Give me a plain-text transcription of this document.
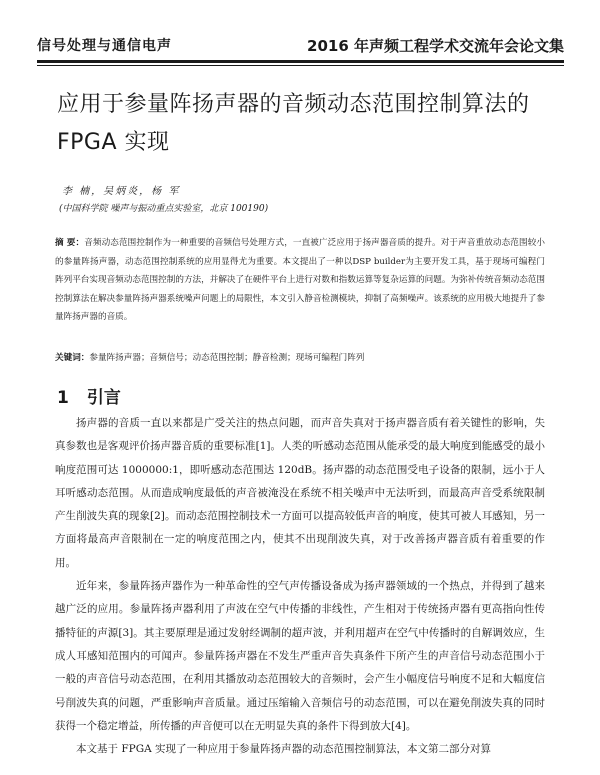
信号处理与通信电声	2016 年声频工程学术交流年会论文集
应用于参量阵扬声器的音频动态范围控制算法的 FPGA 实现
李 楠，吴炳炎，杨 军
(中国科学院 噪声与振动重点实验室，北京 100190)
摘 要：音频动态范围控制作为一种重要的音频信号处理方式，一直被广泛应用于扬声器音质的提升。对于声音重放动态范围较小的参量阵扬声器，动态范围控制系统的应用显得尤为重要。本文提出了一种以DSP builder为主要开发工具，基于现场可编程门阵列平台实现音频动态范围控制的方法，并解决了在硬件平台上进行对数和指数运算等复杂运算的问题。为弥补传统音频动态范围控制算法在解决参量阵扬声器系统噪声问题上的局限性，本文引入静音检测模块，抑制了高频噪声。该系统的应用极大地提升了参量阵扬声器的音质。
关键词：参量阵扬声器；音频信号；动态范围控制；静音检测；现场可编程门阵列
1 引言

扬声器的音质一直以来都是广受关注的热点问题，而声音失真对于扬声器音质有着关键性的影响，失真参数也是客观评价扬声器音质的重要标准[1]。人类的听感动态范围从能承受的最大响度到能感受的最小响度范围可达 1000000:1，即听感动态范围达 120dB。扬声器的动态范围受电子设备的限制，远小于人耳听感动态范围。从而造成响度最低的声音被淹没在系统不相关噪声中无法听到，而最高声音受系统限制产生削波失真的现象[2]。而动态范围控制技术一方面可以提高较低声音的响度，使其可被人耳感知，另一方面将最高声音限制在一定的响度范围之内，使其不出现削波失真，对于改善扬声器音质有着重要的作用。

近年来，参量阵扬声器作为一种革命性的空气声传播设备成为扬声器领域的一个热点，并得到了越来越广泛的应用。参量阵扬声器利用了声波在空气中传播的非线性，产生相对于传统扬声器有更高指向性传播特征的声源[3]。其主要原理是通过发射经调制的超声波，并利用超声在空气中传播时的自解调效应，生成人耳感知范围内的可闻声。参量阵扬声器在不发生严重声音失真条件下所产生的声音信号动态范围小于一般的声音信号动态范围，在利用其播放动态范围较大的音频时，会产生小幅度信号响度不足和大幅度信号削波失真的问题，严重影响声音质量。通过压缩输入音频信号的动态范围，可以在避免削波失真的同时获得一个稳定增益，所传播的声音便可以在无明显失真的条件下得到放大[4]。

本文基于 FPGA 实现了一种应用于参量阵扬声器的动态范围控制算法，本文第二部分对算
